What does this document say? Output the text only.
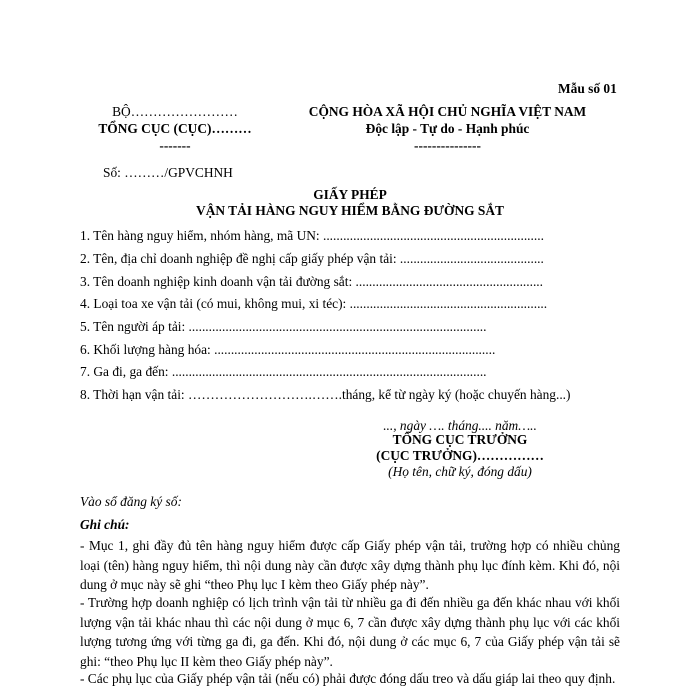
Mẫu số 01
BỘ……………………
TỔNG CỤC (CỤC)………
-------
CỘNG HÒA XÃ HỘI CHỦ NGHĨA VIỆT NAM
Độc lập - Tự do - Hạnh phúc
---------------
Số: ………/GPVCHNH
GIẤY PHÉP
VẬN TẢI HÀNG NGUY HIỂM BẰNG ĐƯỜNG SẮT
1. Tên hàng nguy hiểm, nhóm hàng, mã UN: ..................................................................
2. Tên, địa chỉ doanh nghiệp đề nghị cấp giấy phép vận tải: ...........................................
3. Tên doanh nghiệp kinh doanh vận tải đường sắt: ........................................................
4. Loại toa xe vận tải (có mui, không mui, xi téc): ...........................................................
5. Tên người áp tải: .........................................................................................
6. Khối lượng hàng hóa: ....................................................................................
7. Ga đi, ga đến: ..............................................................................................
8. Thời hạn vận tải: ……………………….…….tháng, kể từ ngày ký (hoặc chuyến hàng...)
..., ngày …. tháng.... năm…..
TỔNG CỤC TRƯỞNG
(CỤC TRƯỞNG)……………
(Họ tên, chữ ký, đóng dấu)
Vào sổ đăng ký số:
Ghi chú:
- Mục 1, ghi đầy đủ tên hàng nguy hiểm được cấp Giấy phép vận tải, trường hợp có nhiều chủng loại (tên) hàng nguy hiểm, thì nội dung này cần được xây dựng thành phụ lục đính kèm. Khi đó, nội dung ở mục này sẽ ghi “theo Phụ lục I kèm theo Giấy phép này”.
- Trường hợp doanh nghiệp có lịch trình vận tải từ nhiều ga đi đến nhiều ga đến khác nhau với khối lượng vận tải khác nhau thì các nội dung ở mục 6, 7 cần được xây dựng thành phụ lục với các khối lượng tương ứng với từng ga đi, ga đến. Khi đó, nội dung ở các mục 6, 7 của Giấy phép vận tải sẽ ghi: “theo Phụ lục II kèm theo Giấy phép này”.
- Các phụ lục của Giấy phép vận tải (nếu có) phải được đóng dấu treo và dấu giáp lai theo quy định.
